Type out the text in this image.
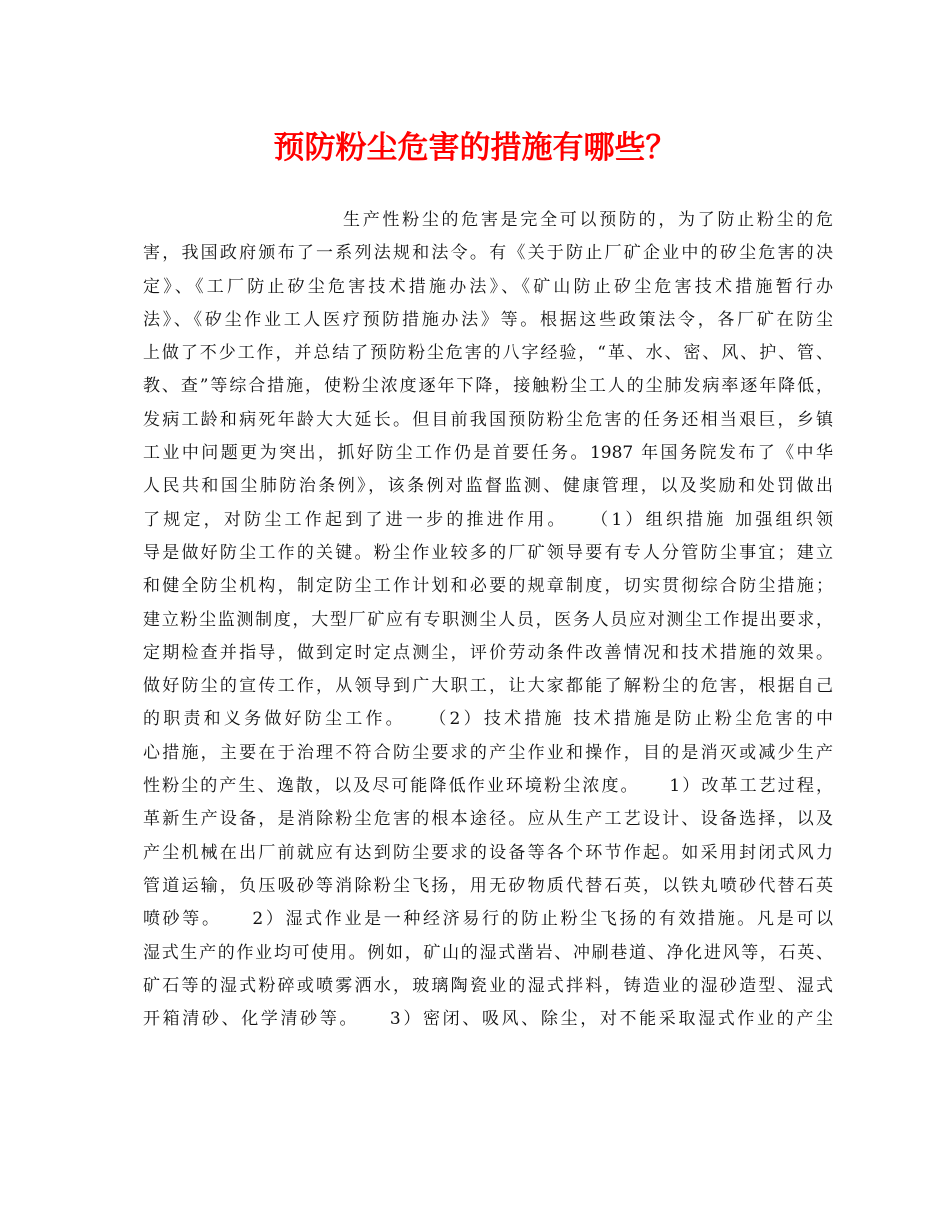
预防粉尘危害的措施有哪些？
生产性粉尘的危害是完全可以预防的，为了防止粉尘的危
害，我国政府颁布了一系列法规和法令。有《关于防止厂矿企业中的矽尘危害的决
定》、《工厂防止矽尘危害技术措施办法》、《矿山防止矽尘危害技术措施暂行办
法》、《矽尘作业工人医疗预防措施办法》等。根据这些政策法令，各厂矿在防尘
上做了不少工作，并总结了预防粉尘危害的八字经验，“革、水、密、风、护、管、
教、查”等综合措施，使粉尘浓度逐年下降，接触粉尘工人的尘肺发病率逐年降低，
发病工龄和病死年龄大大延长。但目前我国预防粉尘危害的任务还相当艰巨，乡镇
工业中问题更为突出，抓好防尘工作仍是首要任务。1987 年国务院发布了《中华
人民共和国尘肺防治条例》，该条例对监督监测、健康管理，以及奖励和处罚做出
了规定，对防尘工作起到了进一步的推进作用。　　（1）组织措施 加强组织领
导是做好防尘工作的关键。粉尘作业较多的厂矿领导要有专人分管防尘事宜；建立
和健全防尘机构，制定防尘工作计划和必要的规章制度，切实贯彻综合防尘措施；
建立粉尘监测制度，大型厂矿应有专职测尘人员，医务人员应对测尘工作提出要求，
定期检查并指导，做到定时定点测尘，评价劳动条件改善情况和技术措施的效果。
做好防尘的宣传工作，从领导到广大职工，让大家都能了解粉尘的危害，根据自己
的职责和义务做好防尘工作。　　（2）技术措施 技术措施是防止粉尘危害的中
心措施，主要在于治理不符合防尘要求的产尘作业和操作，目的是消灭或减少生产
性粉尘的产生、逸散，以及尽可能降低作业环境粉尘浓度。　　1）改革工艺过程，
革新生产设备，是消除粉尘危害的根本途径。应从生产工艺设计、设备选择，以及
产尘机械在出厂前就应有达到防尘要求的设备等各个环节作起。如采用封闭式风力
管道运输，负压吸砂等消除粉尘飞扬，用无矽物质代替石英，以铁丸喷砂代替石英
喷砂等。　　2）湿式作业是一种经济易行的防止粉尘飞扬的有效措施。凡是可以
湿式生产的作业均可使用。例如，矿山的湿式凿岩、冲刷巷道、净化进风等，石英、
矿石等的湿式粉碎或喷雾洒水，玻璃陶瓷业的湿式拌料，铸造业的湿砂造型、湿式
开箱清砂、化学清砂等。　　3）密闭、吸风、除尘，对不能采取湿式作业的产尘
